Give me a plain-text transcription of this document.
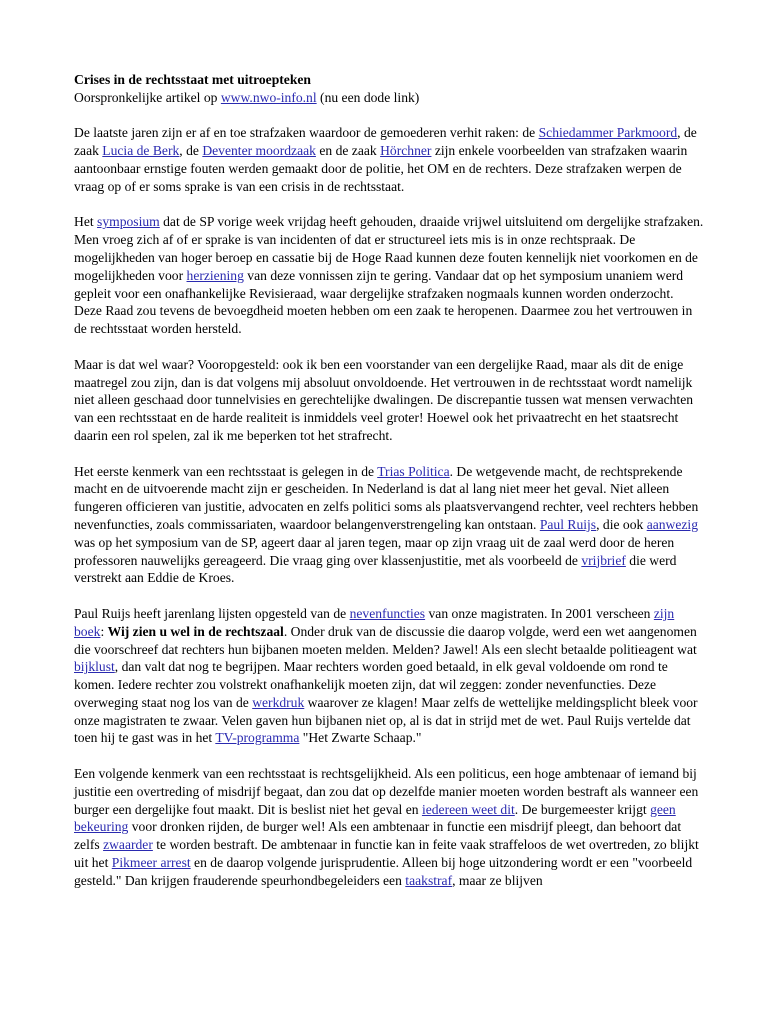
Crises in de rechtsstaat met uitroepteken
Oorspronkelijke artikel op www.nwo-info.nl (nu een dode link)

De laatste jaren zijn er af en toe strafzaken waardoor de gemoederen verhit raken: de Schiedammer Parkmoord, de zaak Lucia de Berk, de Deventer moordzaak en de zaak Hörchner zijn enkele voorbeelden van strafzaken waarin aantoonbaar ernstige fouten werden gemaakt door de politie, het OM en de rechters. Deze strafzaken werpen de vraag op of er soms sprake is van een crisis in de rechtsstaat.

Het symposium dat de SP vorige week vrijdag heeft gehouden, draaide vrijwel uitsluitend om dergelijke strafzaken. Men vroeg zich af of er sprake is van incidenten of dat er structureel iets mis is in onze rechtspraak. De mogelijkheden van hoger beroep en cassatie bij de Hoge Raad kunnen deze fouten kennelijk niet voorkomen en de mogelijkheden voor herziening van deze vonnissen zijn te gering. Vandaar dat op het symposium unaniem werd gepleit voor een onafhankelijke Revisieraad, waar dergelijke strafzaken nogmaals kunnen worden onderzocht. Deze Raad zou tevens de bevoegdheid moeten hebben om een zaak te heropenen. Daarmee zou het vertrouwen in de rechtsstaat worden hersteld.

Maar is dat wel waar? Vooropgesteld: ook ik ben een voorstander van een dergelijke Raad, maar als dit de enige maatregel zou zijn, dan is dat volgens mij absoluut onvoldoende. Het vertrouwen in de rechtsstaat wordt namelijk niet alleen geschaad door tunnelvisies en gerechtelijke dwalingen. De discrepantie tussen wat mensen verwachten van een rechtsstaat en de harde realiteit is inmiddels veel groter! Hoewel ook het privaatrecht en het staatsrecht daarin een rol spelen, zal ik me beperken tot het strafrecht.

Het eerste kenmerk van een rechtsstaat is gelegen in de Trias Politica. De wetgevende macht, de rechtsprekende macht en de uitvoerende macht zijn er gescheiden. In Nederland is dat al lang niet meer het geval. Niet alleen fungeren officieren van justitie, advocaten en zelfs politici soms als plaatsvervangend rechter, veel rechters hebben nevenfuncties, zoals commissariaten, waardoor belangenverstrengeling kan ontstaan. Paul Ruijs, die ook aanwezig was op het symposium van de SP, ageert daar al jaren tegen, maar op zijn vraag uit de zaal werd door de heren professoren nauwelijks gereageerd. Die vraag ging over klassenjustitie, met als voorbeeld de vrijbrief die werd verstrekt aan Eddie de Kroes.

Paul Ruijs heeft jarenlang lijsten opgesteld van de nevenfuncties van onze magistraten. In 2001 verscheen zijn boek: Wij zien u wel in de rechtszaal. Onder druk van de discussie die daarop volgde, werd een wet aangenomen die voorschreef dat rechters hun bijbanen moeten melden. Melden? Jawel! Als een slecht betaalde politieagent wat bijklust, dan valt dat nog te begrijpen. Maar rechters worden goed betaald, in elk geval voldoende om rond te komen. Iedere rechter zou volstrekt onafhankelijk moeten zijn, dat wil zeggen: zonder nevenfuncties. Deze overweging staat nog los van de werkdruk waarover ze klagen! Maar zelfs de wettelijke meldingsplicht bleek voor onze magistraten te zwaar. Velen gaven hun bijbanen niet op, al is dat in strijd met de wet. Paul Ruijs vertelde dat toen hij te gast was in het TV-programma "Het Zwarte Schaap."

Een volgende kenmerk van een rechtsstaat is rechtsgelijkheid. Als een politicus, een hoge ambtenaar of iemand bij justitie een overtreding of misdrijf begaat, dan zou dat op dezelfde manier moeten worden bestraft als wanneer een burger een dergelijke fout maakt. Dit is beslist niet het geval en iedereen weet dit. De burgemeester krijgt geen bekeuring voor dronken rijden, de burger wel! Als een ambtenaar in functie een misdrijf pleegt, dan behoort dat zelfs zwaarder te worden bestraft. De ambtenaar in functie kan in feite vaak straffeloos de wet overtreden, zo blijkt uit het Pikmeer arrest en de daarop volgende jurisprudentie. Alleen bij hoge uitzondering wordt er een "voorbeeld gesteld." Dan krijgen frauderende speurhondbegeleiders een taakstraf, maar ze blijven
